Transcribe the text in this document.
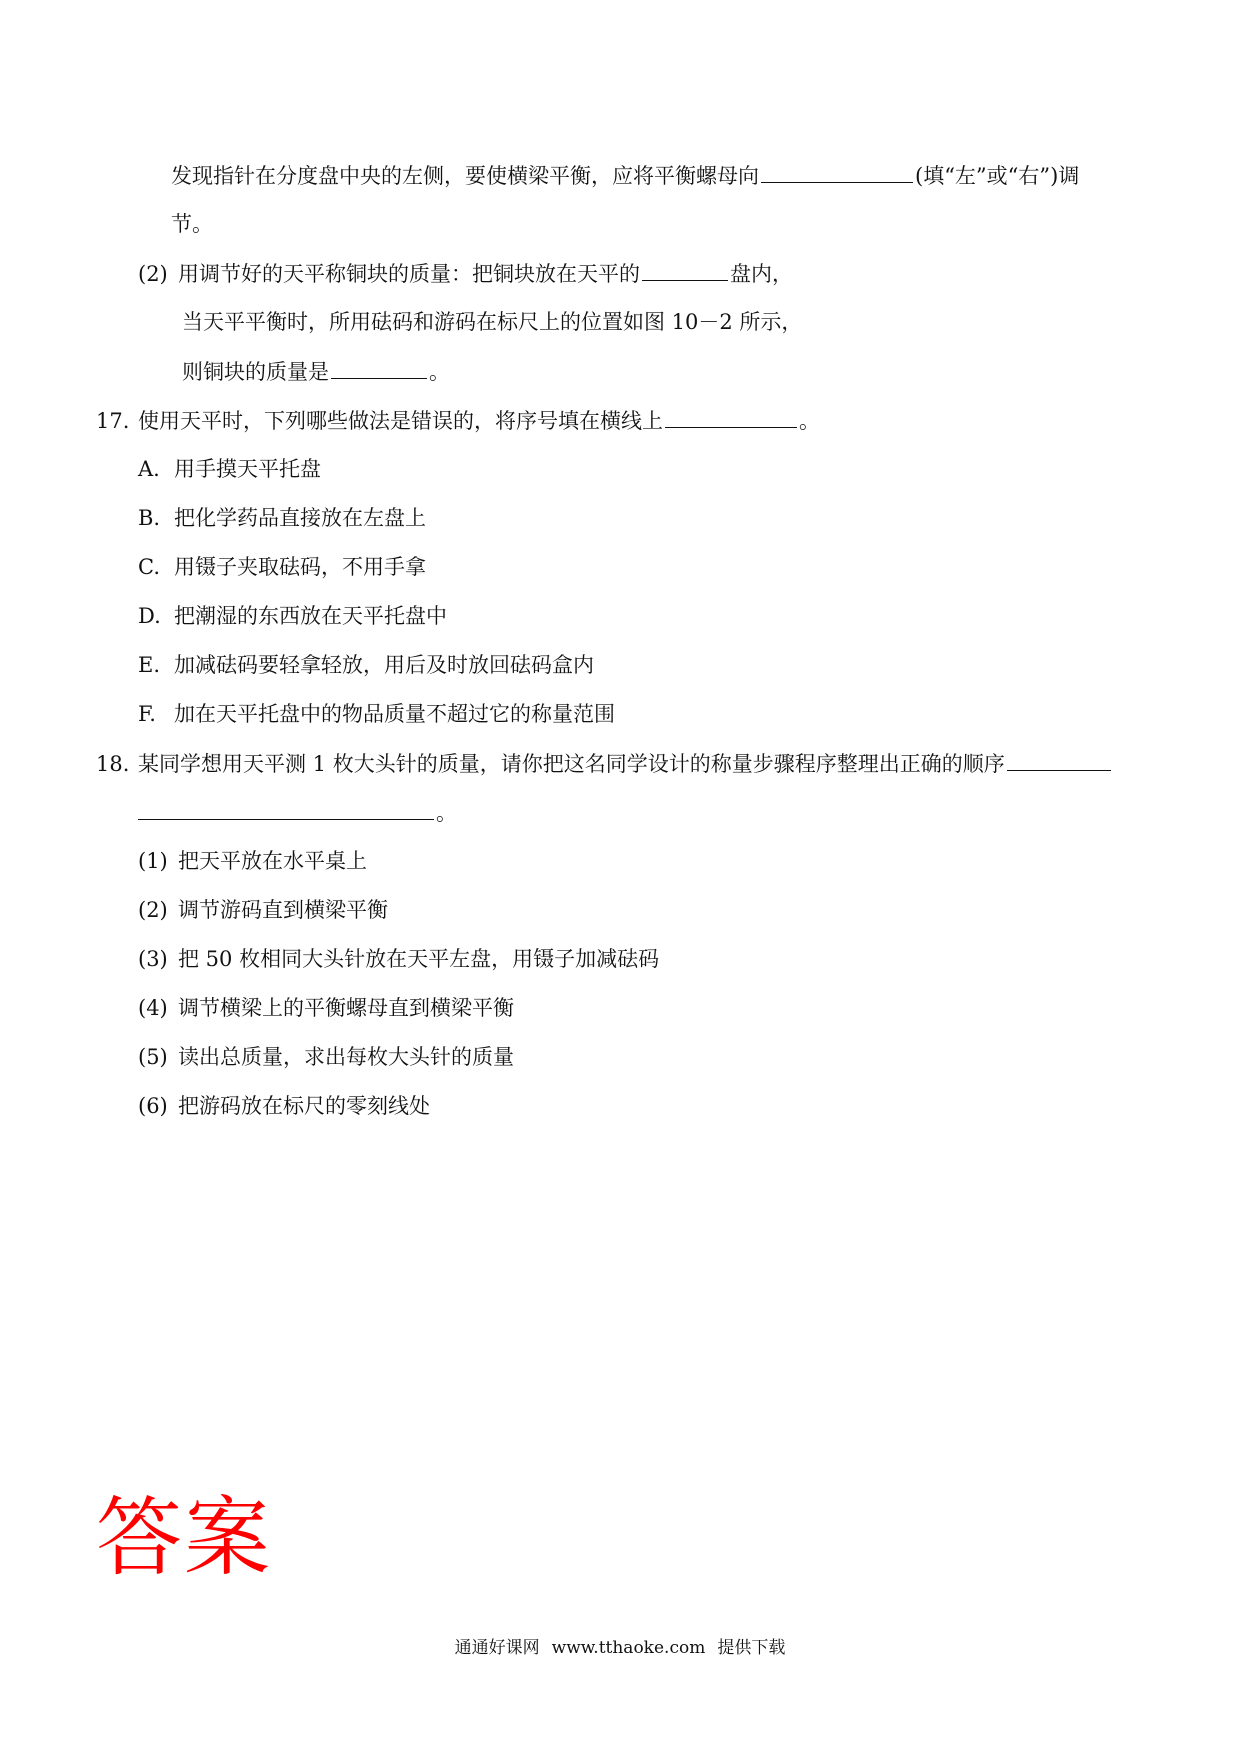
发现指针在分度盘中央的左侧，要使横梁平衡，应将平衡螺母向	(填“左”或“右”)调
节。
(2) 用调节好的天平称铜块的质量：把铜块放在天平的	盘内，
当天平平衡时，所用砝码和游码在标尺上的位置如图 10－2 所示，
则铜块的质量是	。
17. 使用天平时，下列哪些做法是错误的，将序号填在横线上	。
A. 用手摸天平托盘
B. 把化学药品直接放在左盘上
C. 用镊子夹取砝码，不用手拿
D. 把潮湿的东西放在天平托盘中
E. 加减砝码要轻拿轻放，用后及时放回砝码盒内
F. 加在天平托盘中的物品质量不超过它的称量范围
18. 某同学想用天平测 1 枚大头针的质量，请你把这名同学设计的称量步骤程序整理出正确的顺序
。
(1) 把天平放在水平桌上
(2) 调节游码直到横梁平衡
(3) 把 50 枚相同大头针放在天平左盘，用镊子加减砝码
(4) 调节横梁上的平衡螺母直到横梁平衡
(5) 读出总质量，求出每枚大头针的质量
(6) 把游码放在标尺的零刻线处
答案
通通好课网 www.tthaoke.com 提供下载
